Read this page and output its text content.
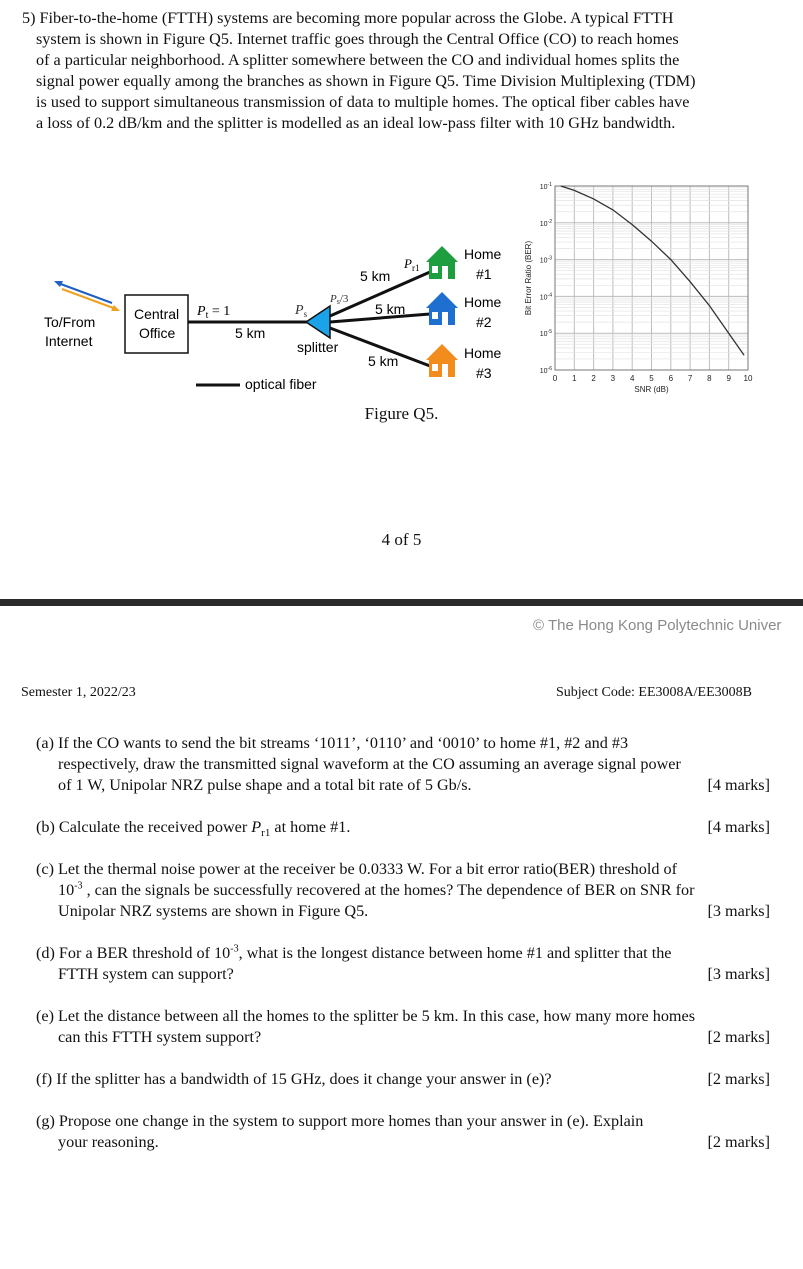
5) Fiber-to-the-home (FTTH) systems are becoming more popular across the Globe. A typical FTTH
system is shown in Figure Q5. Internet traffic goes through the Central Office (CO) to reach homes
of a particular neighborhood. A splitter somewhere between the CO and individual homes splits the
signal power equally among the branches as shown in Figure Q5. Time Division Multiplexing (TDM)
is used to support simultaneous transmission of data to multiple homes. The optical fiber cables have
a loss of 0.2 dB/km and the splitter is modelled as an ideal low-pass filter with 10 GHz bandwidth.
To/From
Internet
Central
Office
$P_t = 1$
5 km
$P_s$
splitter
Ps/3
5 km
5 km
5 km
$P_{r1}$
Home
#1
Home
#2
Home
#3
optical fiber
$10^{-1}$
$10^{-2}$
$10^{-3}$
$10^{-4}$
$10^{-5}$
$10^{-6}$
0 1 2 3 4 5 6 7 8 9 10
SNR (dB)
Bit Error Ratio (BER)
Figure Q5.
4 of 5
© The Hong Kong Polytechnic Univer
Semester 1, 2022/23	Subject Code: EE3008A/EE3008B
(a) If the CO wants to send the bit streams ‘1011’, ‘0110’ and ‘0010’ to home #1, #2 and #3
respectively, draw the transmitted signal waveform at the CO assuming an average signal power
of 1 W, Unipolar NRZ pulse shape and a total bit rate of 5 Gb/s.	[4 marks]
(b) Calculate the received power $P_{r1}$ at home #1.	[4 marks]
(c) Let the thermal noise power at the receiver be 0.0333 W. For a bit error ratio(BER) threshold of
$10^{-3}$ , can the signals be successfully recovered at the homes? The dependence of BER on SNR for
Unipolar NRZ systems are shown in Figure Q5.	[3 marks]
(d) For a BER threshold of $10^{-3}$, what is the longest distance between home #1 and splitter that the
FTTH system can support?	[3 marks]
(e) Let the distance between all the homes to the splitter be 5 km. In this case, how many more homes
can this FTTH system support?	[2 marks]
(f) If the splitter has a bandwidth of 15 GHz, does it change your answer in (e)?	[2 marks]
(g) Propose one change in the system to support more homes than your answer in (e). Explain
your reasoning.	[2 marks]
